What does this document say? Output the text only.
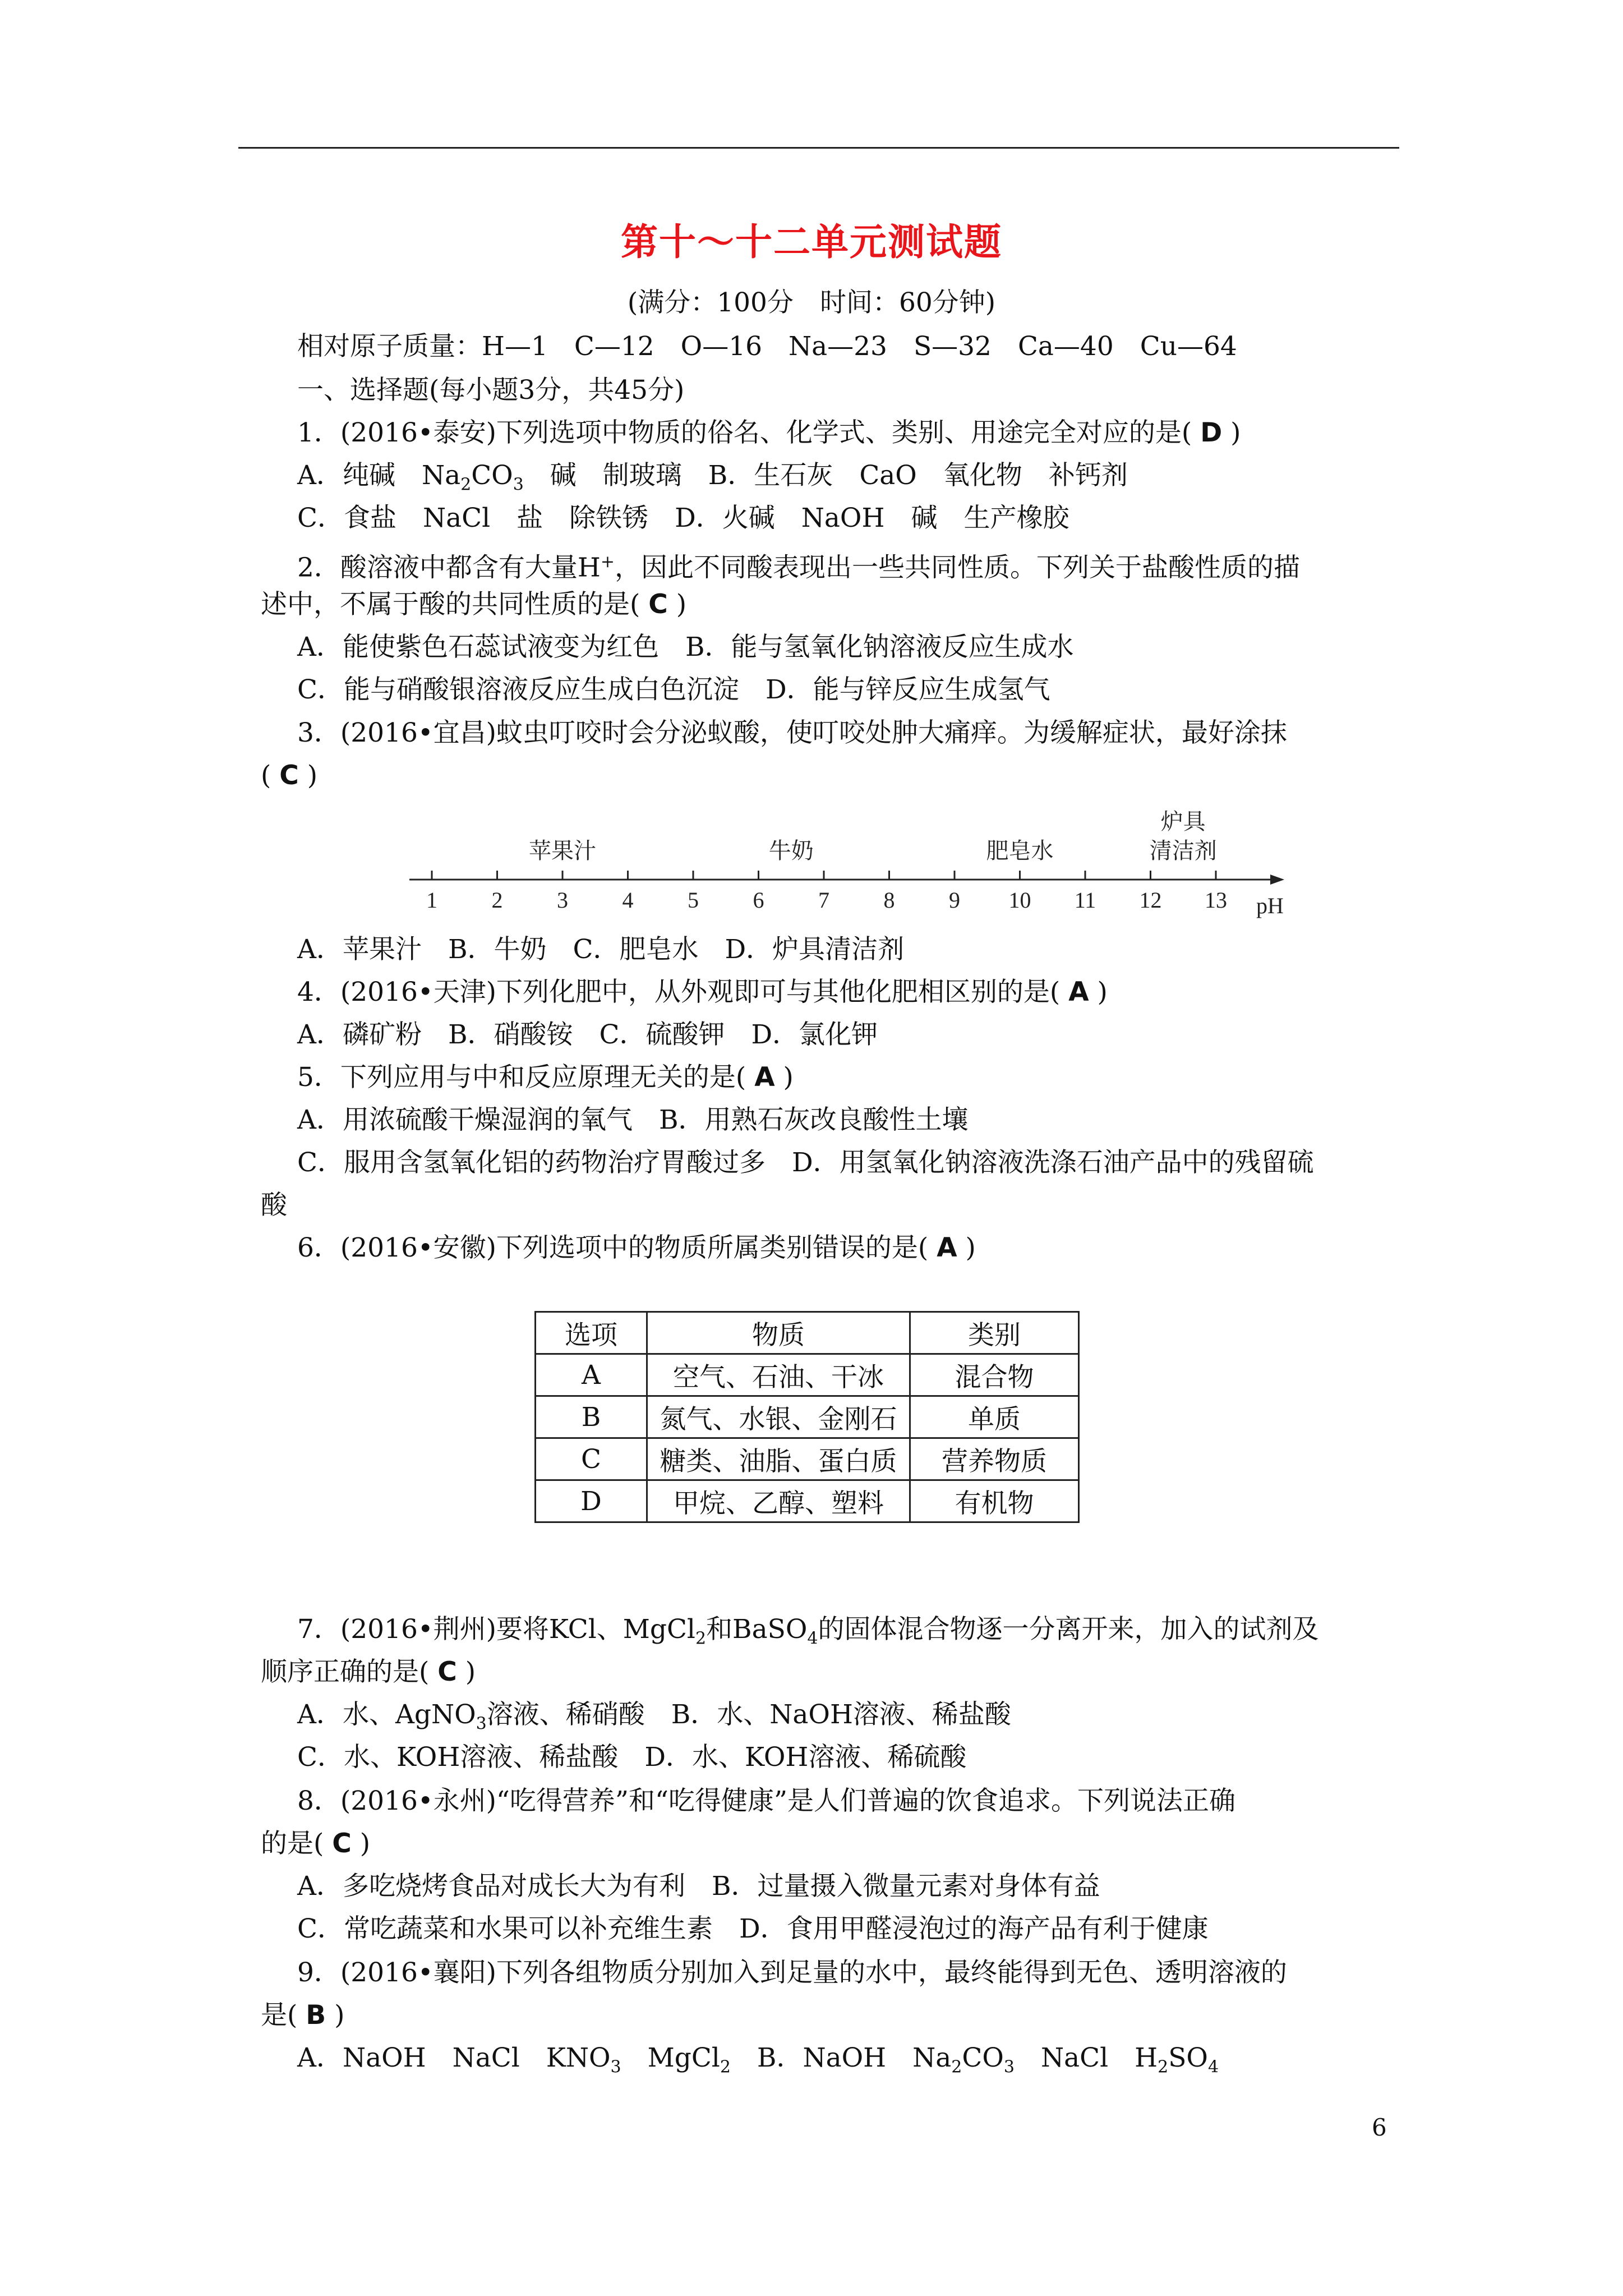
第十～十二单元测试题
(满分：100分　时间：60分钟)
相对原子质量：H—1　C—12　O—16　Na—23　S—32　Ca—40　Cu—64
一、选择题(每小题3分，共45分)
1．(2016•泰安)下列选项中物质的俗名、化学式、类别、用途完全对应的是( D )
A．纯碱　$Na_2CO_3$　碱　制玻璃　B．生石灰　CaO　氧化物　补钙剂
C．食盐　NaCl　盐　除铁锈　D．火碱　NaOH　碱　生产橡胶
2．酸溶液中都含有大量H+，因此不同酸表现出一些共同性质。下列关于盐酸性质的描
述中，不属于酸的共同性质的是( C )
A．能使紫色石蕊试液变为红色　B．能与氢氧化钠溶液反应生成水
C．能与硝酸银溶液反应生成白色沉淀　D．能与锌反应生成氢气
3．(2016•宜昌)蚊虫叮咬时会分泌蚁酸，使叮咬处肿大痛痒。为缓解症状，最好涂抹
( C )
1 2 3 4 5 6 7 8 9 10 11 12 13
苹果汁	牛奶	肥皂水
炉具
清洁剂
pH
A．苹果汁　B．牛奶　C．肥皂水　D．炉具清洁剂
4．(2016•天津)下列化肥中，从外观即可与其他化肥相区别的是( A )
A．磷矿粉　B．硝酸铵　C．硫酸钾　D．氯化钾
5．下列应用与中和反应原理无关的是( A )
A．用浓硫酸干燥湿润的氧气　B．用熟石灰改良酸性土壤
C．服用含氢氧化铝的药物治疗胃酸过多　D．用氢氧化钠溶液洗涤石油产品中的残留硫
酸
6．(2016•安徽)下列选项中的物质所属类别错误的是( A )
选项	物质	类别
A	空气、石油、干冰	混合物
B	氮气、水银、金刚石	单质
C	糖类、油脂、蛋白质	营养物质
D	甲烷、乙醇、塑料	有机物
7．(2016•荆州)要将KCl、MgCl$_2$和BaSO$_4$的固体混合物逐一分离开来，加入的试剂及
顺序正确的是( C )
A．水、AgNO$_3$溶液、稀硝酸　B．水、NaOH溶液、稀盐酸
C．水、KOH溶液、稀盐酸　D．水、KOH溶液、稀硫酸
8．(2016•永州)“吃得营养”和“吃得健康”是人们普遍的饮食追求。下列说法正确
的是( C )
A．多吃烧烤食品对成长大为有利　B．过量摄入微量元素对身体有益
C．常吃蔬菜和水果可以补充维生素　D．食用甲醛浸泡过的海产品有利于健康
9．(2016•襄阳)下列各组物质分别加入到足量的水中，最终能得到无色、透明溶液的
是( B )
A．NaOH　NaCl　$KNO_3$　MgCl$_2$　B．NaOH　$Na_2CO_3$　NaCl　$H_2SO_4$
6
